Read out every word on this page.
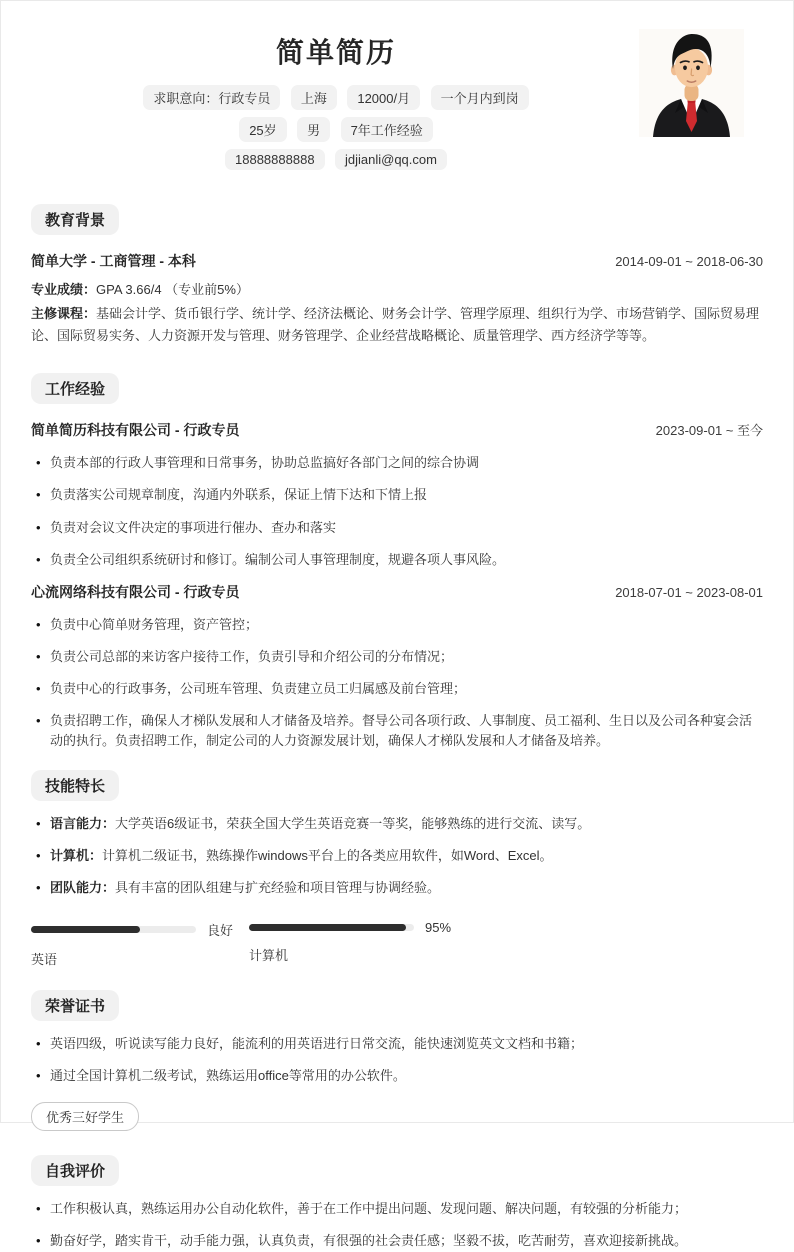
简单简历
求职意向：行政专员 上海 12000/月 一个月内到岗
25岁 男 7年工作经验
18888888888 jdjianli@qq.com
教育背景
简单大学 - 工商管理 - 本科	2014-09-01 ~ 2018-06-30
专业成绩：GPA 3.66/4 （专业前5%）
主修课程：基础会计学、货币银行学、统计学、经济法概论、财务会计学、管理学原理、组织行为学、市场营销学、国际贸易理论、国际贸易实务、人力资源开发与管理、财务管理学、企业经营战略概论、质量管理学、西方经济学等等。
工作经验
简单简历科技有限公司 - 行政专员	2023-09-01 ~ 至今
• 负责本部的行政人事管理和日常事务，协助总监搞好各部门之间的综合协调
• 负责落实公司规章制度，沟通内外联系，保证上情下达和下情上报
• 负责对会议文件决定的事项进行催办、查办和落实
• 负责全公司组织系统研讨和修订。编制公司人事管理制度，规避各项人事风险。
心流网络科技有限公司 - 行政专员	2018-07-01 ~ 2023-08-01
• 负责中心简单财务管理，资产管控；
• 负责公司总部的来访客户接待工作，负责引导和介绍公司的分布情况；
• 负责中心的行政事务，公司班车管理、负责建立员工归属感及前台管理；
• 负责招聘工作，确保人才梯队发展和人才储备及培养。督导公司各项行政、人事制度、员工福利、生日以及公司各种宴会活动的执行。负责招聘工作，制定公司的人力资源发展计划，确保人才梯队发展和人才储备及培养。
技能特长
• 语言能力：大学英语6级证书，荣获全国大学生英语竞赛一等奖，能够熟练的进行交流、读写。
• 计算机：计算机二级证书，熟练操作windows平台上的各类应用软件，如Word、Excel。
• 团队能力：具有丰富的团队组建与扩充经验和项目管理与协调经验。
良好
英语
95%
计算机
荣誉证书
• 英语四级，听说读写能力良好，能流利的用英语进行日常交流，能快速浏览英文文档和书籍；
• 通过全国计算机二级考试，熟练运用office等常用的办公软件。
优秀三好学生
自我评价
• 工作积极认真，熟练运用办公自动化软件，善于在工作中提出问题、发现问题、解决问题，有较强的分析能力；
• 勤奋好学，踏实肯干，动手能力强，认真负责，有很强的社会责任感；坚毅不拔，吃苦耐劳，喜欢迎接新挑战。
